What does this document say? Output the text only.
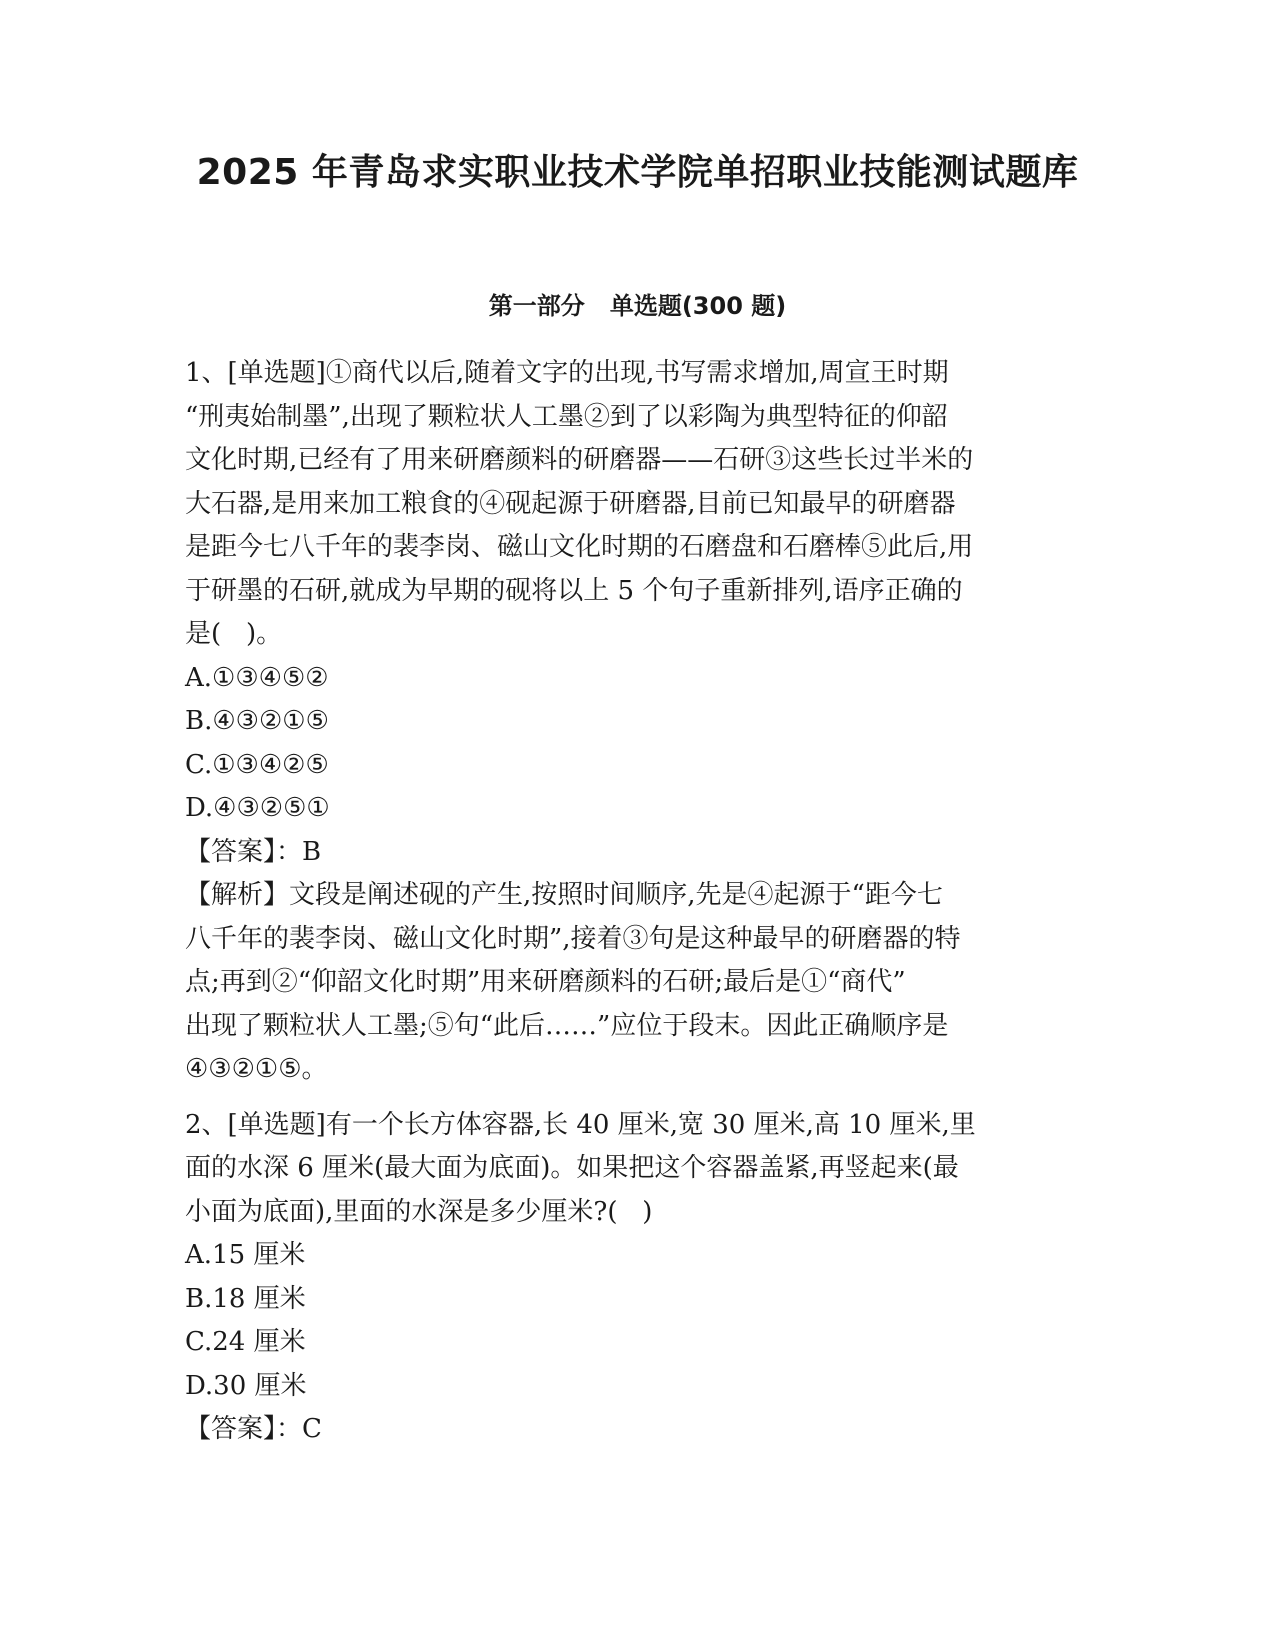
2025 年青岛求实职业技术学院单招职业技能测试题库
第一部分   单选题(300 题)
1、[单选题]①商代以后,随着文字的出现,书写需求增加,周宣王时期
“刑夷始制墨”,出现了颗粒状人工墨②到了以彩陶为典型特征的仰韶
文化时期,已经有了用来研磨颜料的研磨器——石研③这些长过半米的
大石器,是用来加工粮食的④砚起源于研磨器,目前已知最早的研磨器
是距今七八千年的裴李岗、磁山文化时期的石磨盘和石磨棒⑤此后,用
于研墨的石研,就成为早期的砚将以上 5 个句子重新排列,语序正确的
是(   )。
A.①③④⑤②
B.④③②①⑤
C.①③④②⑤
D.④③②⑤①
【答案】：B
【解析】文段是阐述砚的产生,按照时间顺序,先是④起源于“距今七
八千年的裴李岗、磁山文化时期”,接着③句是这种最早的研磨器的特
点;再到②“仰韶文化时期”用来研磨颜料的石研;最后是①“商代”
出现了颗粒状人工墨;⑤句“此后……”应位于段末。因此正确顺序是
④③②①⑤。
2、[单选题]有一个长方体容器,长 40 厘米,宽 30 厘米,高 10 厘米,里
面的水深 6 厘米(最大面为底面)。如果把这个容器盖紧,再竖起来(最
小面为底面),里面的水深是多少厘米?(   )
A.15 厘米
B.18 厘米
C.24 厘米
D.30 厘米
【答案】：C
